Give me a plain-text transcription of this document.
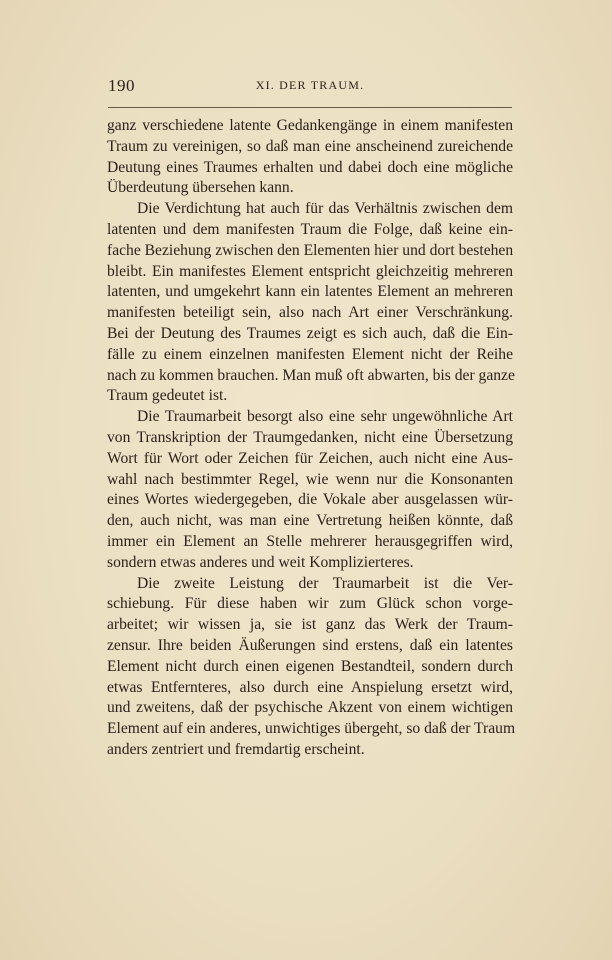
190	XI. DER TRAUM.
ganz verschiedene latente Gedankengänge in einem manifesten
Traum zu vereinigen, so daß man eine anscheinend zureichende
Deutung eines Traumes erhalten und dabei doch eine mögliche
Überdeutung übersehen kann.
Die Verdichtung hat auch für das Verhältnis zwischen dem
latenten und dem manifesten Traum die Folge, daß keine ein-
fache Beziehung zwischen den Elementen hier und dort bestehen
bleibt. Ein manifestes Element entspricht gleichzeitig mehreren
latenten, und umgekehrt kann ein latentes Element an mehreren
manifesten beteiligt sein, also nach Art einer Verschränkung.
Bei der Deutung des Traumes zeigt es sich auch, daß die Ein-
fälle zu einem einzelnen manifesten Element nicht der Reihe
nach zu kommen brauchen. Man muß oft abwarten, bis der ganze
Traum gedeutet ist.
Die Traumarbeit besorgt also eine sehr ungewöhnliche Art
von Transkription der Traumgedanken, nicht eine Übersetzung
Wort für Wort oder Zeichen für Zeichen, auch nicht eine Aus-
wahl nach bestimmter Regel, wie wenn nur die Konsonanten
eines Wortes wiedergegeben, die Vokale aber ausgelassen wür-
den, auch nicht, was man eine Vertretung heißen könnte, daß
immer ein Element an Stelle mehrerer herausgegriffen wird,
sondern etwas anderes und weit Komplizierteres.
Die zweite Leistung der Traumarbeit ist die Ver-
schiebung. Für diese haben wir zum Glück schon vorge-
arbeitet; wir wissen ja, sie ist ganz das Werk der Traum-
zensur. Ihre beiden Äußerungen sind erstens, daß ein latentes
Element nicht durch einen eigenen Bestandteil, sondern durch
etwas Entfernteres, also durch eine Anspielung ersetzt wird,
und zweitens, daß der psychische Akzent von einem wichtigen
Element auf ein anderes, unwichtiges übergeht, so daß der Traum
anders zentriert und fremdartig erscheint.
